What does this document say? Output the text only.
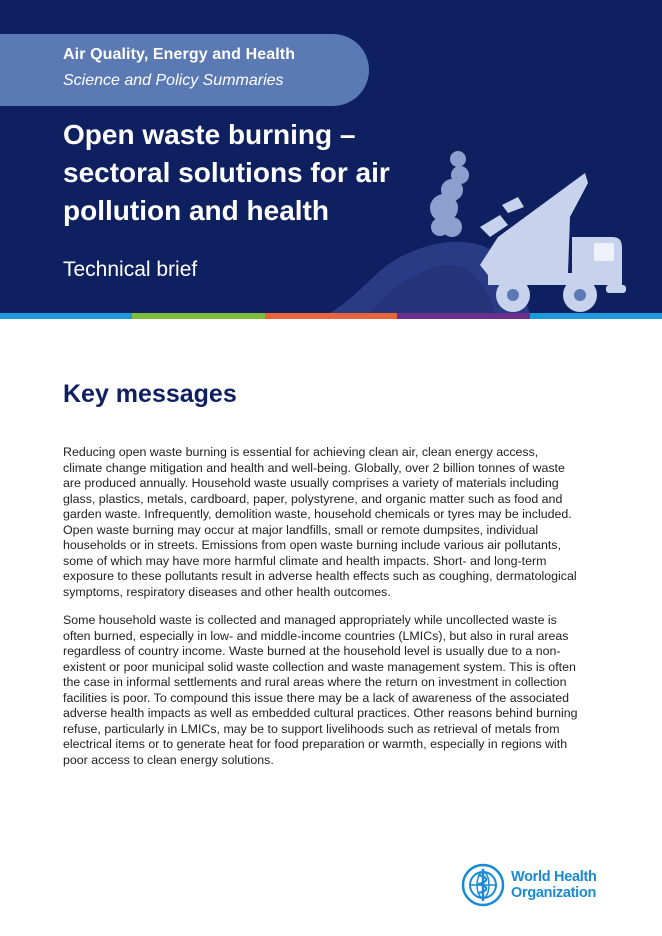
Air Quality, Energy and Health
Science and Policy Summaries
Open waste burning – sectoral solutions for air pollution and health
Technical brief
Key messages

Reducing open waste burning is essential for achieving clean air, clean energy access, climate change mitigation and health and well-being. Globally, over 2 billion tonnes of waste are produced annually. Household waste usually comprises a variety of materials including glass, plastics, metals, cardboard, paper, polystyrene, and organic matter such as food and garden waste. Infrequently, demolition waste, household chemicals or tyres may be included. Open waste burning may occur at major landfills, small or remote dumpsites, individual households or in streets. Emissions from open waste burning include various air pollutants, some of which may have more harmful climate and health impacts. Short- and long-term exposure to these pollutants result in adverse health effects such as coughing, dermatological symptoms, respiratory diseases and other health outcomes.

Some household waste is collected and managed appropriately while uncollected waste is often burned, especially in low- and middle-income countries (LMICs), but also in rural areas regardless of country income. Waste burned at the household level is usually due to a non-existent or poor municipal solid waste collection and waste management system. This is often the case in informal settlements and rural areas where the return on investment in collection facilities is poor. To compound this issue there may be a lack of awareness of the associated adverse health impacts as well as embedded cultural practices. Other reasons behind burning refuse, particularly in LMICs, may be to support livelihoods such as retrieval of metals from electrical items or to generate heat for food preparation or warmth, especially in regions with poor access to clean energy solutions.

World Health
Organization
